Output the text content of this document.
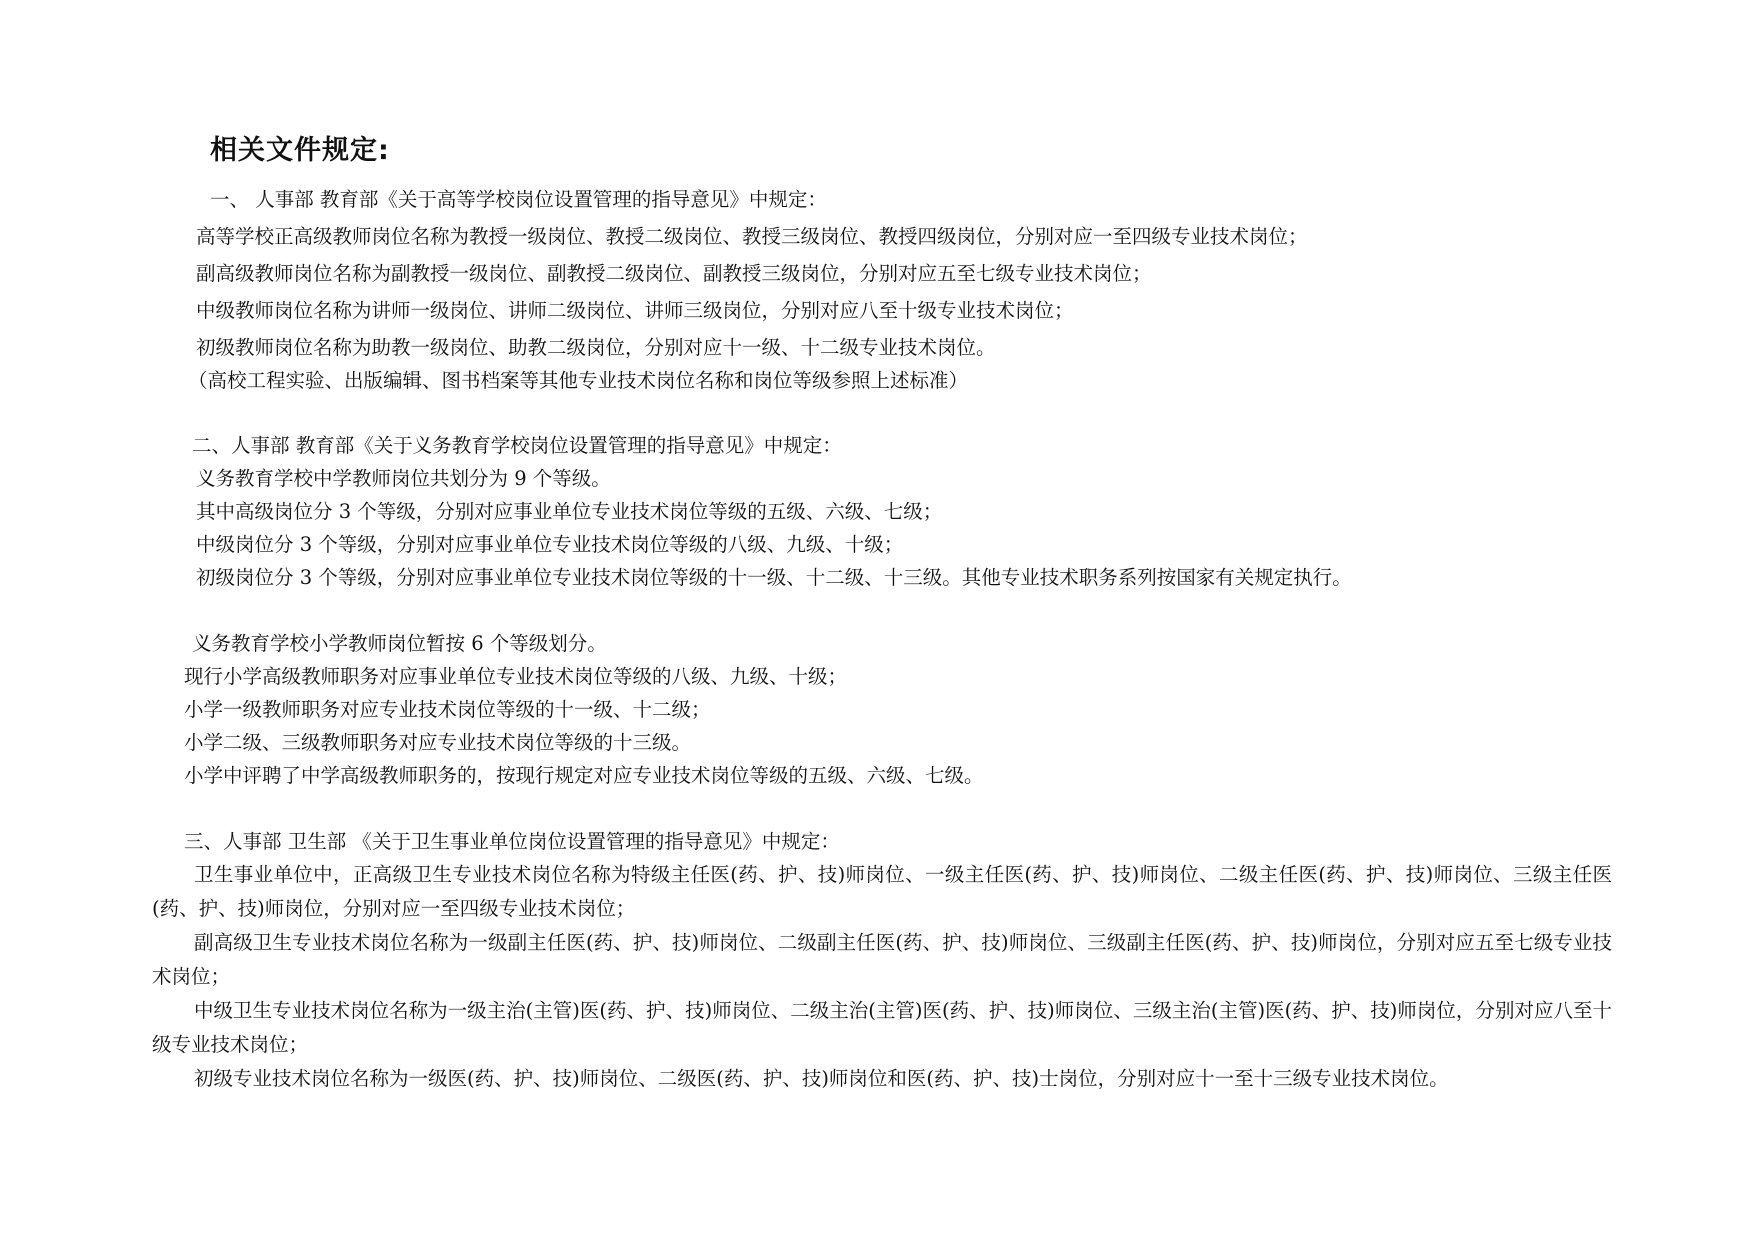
相关文件规定:
一、 人事部 教育部《关于高等学校岗位设置管理的指导意见》中规定：
高等学校正高级教师岗位名称为教授一级岗位、教授二级岗位、教授三级岗位、教授四级岗位，分别对应一至四级专业技术岗位；
副高级教师岗位名称为副教授一级岗位、副教授二级岗位、副教授三级岗位，分别对应五至七级专业技术岗位；
中级教师岗位名称为讲师一级岗位、讲师二级岗位、讲师三级岗位，分别对应八至十级专业技术岗位；
初级教师岗位名称为助教一级岗位、助教二级岗位，分别对应十一级、十二级专业技术岗位。
（高校工程实验、出版编辑、图书档案等其他专业技术岗位名称和岗位等级参照上述标准）
二、人事部 教育部《关于义务教育学校岗位设置管理的指导意见》中规定：
义务教育学校中学教师岗位共划分为 9 个等级。
其中高级岗位分 3 个等级，分别对应事业单位专业技术岗位等级的五级、六级、七级；
中级岗位分 3 个等级，分别对应事业单位专业技术岗位等级的八级、九级、十级；
初级岗位分 3 个等级，分别对应事业单位专业技术岗位等级的十一级、十二级、十三级。其他专业技术职务系列按国家有关规定执行。
义务教育学校小学教师岗位暂按 6 个等级划分。
现行小学高级教师职务对应事业单位专业技术岗位等级的八级、九级、十级；
小学一级教师职务对应专业技术岗位等级的十一级、十二级；
小学二级、三级教师职务对应专业技术岗位等级的十三级。
小学中评聘了中学高级教师职务的，按现行规定对应专业技术岗位等级的五级、六级、七级。
三、人事部 卫生部 《关于卫生事业单位岗位设置管理的指导意见》中规定：
卫生事业单位中，正高级卫生专业技术岗位名称为特级主任医(药、护、技)师岗位、一级主任医(药、护、技)师岗位、二级主任医(药、护、技)师岗位、三级主任医(药、护、技)师岗位，分别对应一至四级专业技术岗位；
副高级卫生专业技术岗位名称为一级副主任医(药、护、技)师岗位、二级副主任医(药、护、技)师岗位、三级副主任医(药、护、技)师岗位，分别对应五至七级专业技术岗位；
中级卫生专业技术岗位名称为一级主治(主管)医(药、护、技)师岗位、二级主治(主管)医(药、护、技)师岗位、三级主治(主管)医(药、护、技)师岗位，分别对应八至十级专业技术岗位；
初级专业技术岗位名称为一级医(药、护、技)师岗位、二级医(药、护、技)师岗位和医(药、护、技)士岗位，分别对应十一至十三级专业技术岗位。
